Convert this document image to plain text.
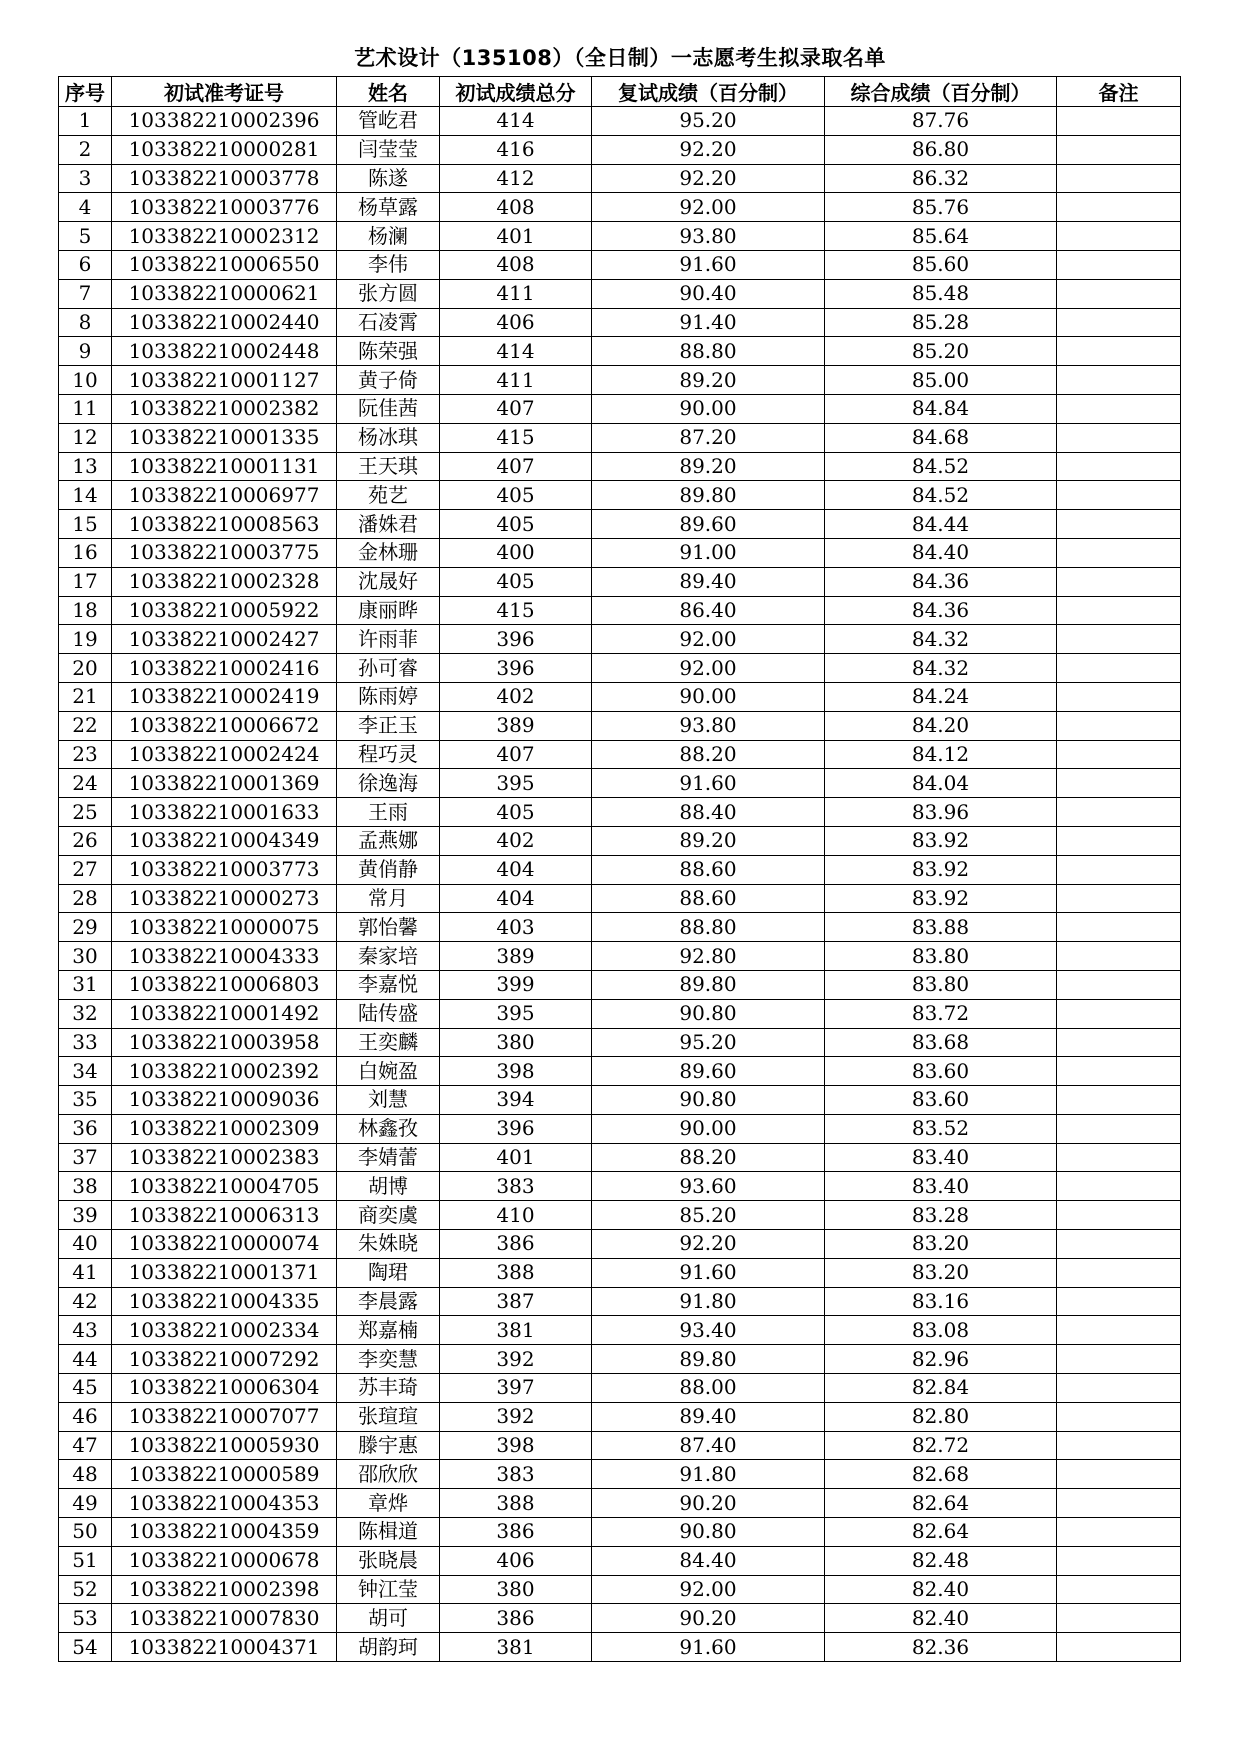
艺术设计（135108）（全日制）一志愿考生拟录取名单
序号	初试准考证号	姓名	初试成绩总分	复试成绩（百分制）	综合成绩（百分制）	备注
1	103382210002396	管屹君	414	95.20	87.76	
2	103382210000281	闫莹莹	416	92.20	86.80	
3	103382210003778	陈遂	412	92.20	86.32	
4	103382210003776	杨草露	408	92.00	85.76	
5	103382210002312	杨澜	401	93.80	85.64	
6	103382210006550	李伟	408	91.60	85.60	
7	103382210000621	张方圆	411	90.40	85.48	
8	103382210002440	石凌霄	406	91.40	85.28	
9	103382210002448	陈荣强	414	88.80	85.20	
10	103382210001127	黄子倚	411	89.20	85.00	
11	103382210002382	阮佳茜	407	90.00	84.84	
12	103382210001335	杨冰琪	415	87.20	84.68	
13	103382210001131	王天琪	407	89.20	84.52	
14	103382210006977	苑艺	405	89.80	84.52	
15	103382210008563	潘姝君	405	89.60	84.44	
16	103382210003775	金林珊	400	91.00	84.40	
17	103382210002328	沈晟好	405	89.40	84.36	
18	103382210005922	康丽晔	415	86.40	84.36	
19	103382210002427	许雨菲	396	92.00	84.32	
20	103382210002416	孙可睿	396	92.00	84.32	
21	103382210002419	陈雨婷	402	90.00	84.24	
22	103382210006672	李正玉	389	93.80	84.20	
23	103382210002424	程巧灵	407	88.20	84.12	
24	103382210001369	徐逸海	395	91.60	84.04	
25	103382210001633	王雨	405	88.40	83.96	
26	103382210004349	孟燕娜	402	89.20	83.92	
27	103382210003773	黄俏静	404	88.60	83.92	
28	103382210000273	常月	404	88.60	83.92	
29	103382210000075	郭怡馨	403	88.80	83.88	
30	103382210004333	秦家培	389	92.80	83.80	
31	103382210006803	李嘉悦	399	89.80	83.80	
32	103382210001492	陆传盛	395	90.80	83.72	
33	103382210003958	王奕麟	380	95.20	83.68	
34	103382210002392	白婉盈	398	89.60	83.60	
35	103382210009036	刘慧	394	90.80	83.60	
36	103382210002309	林鑫孜	396	90.00	83.52	
37	103382210002383	李婧蕾	401	88.20	83.40	
38	103382210004705	胡博	383	93.60	83.40	
39	103382210006313	商奕虞	410	85.20	83.28	
40	103382210000074	朱姝晓	386	92.20	83.20	
41	103382210001371	陶珺	388	91.60	83.20	
42	103382210004335	李晨露	387	91.80	83.16	
43	103382210002334	郑嘉楠	381	93.40	83.08	
44	103382210007292	李奕慧	392	89.80	82.96	
45	103382210006304	苏丰琦	397	88.00	82.84	
46	103382210007077	张瑄瑄	392	89.40	82.80	
47	103382210005930	滕宇惠	398	87.40	82.72	
48	103382210000589	邵欣欣	383	91.80	82.68	
49	103382210004353	章烨	388	90.20	82.64	
50	103382210004359	陈楫道	386	90.80	82.64	
51	103382210000678	张晓晨	406	84.40	82.48	
52	103382210002398	钟江莹	380	92.00	82.40	
53	103382210007830	胡可	386	90.20	82.40	
54	103382210004371	胡韵珂	381	91.60	82.36	
